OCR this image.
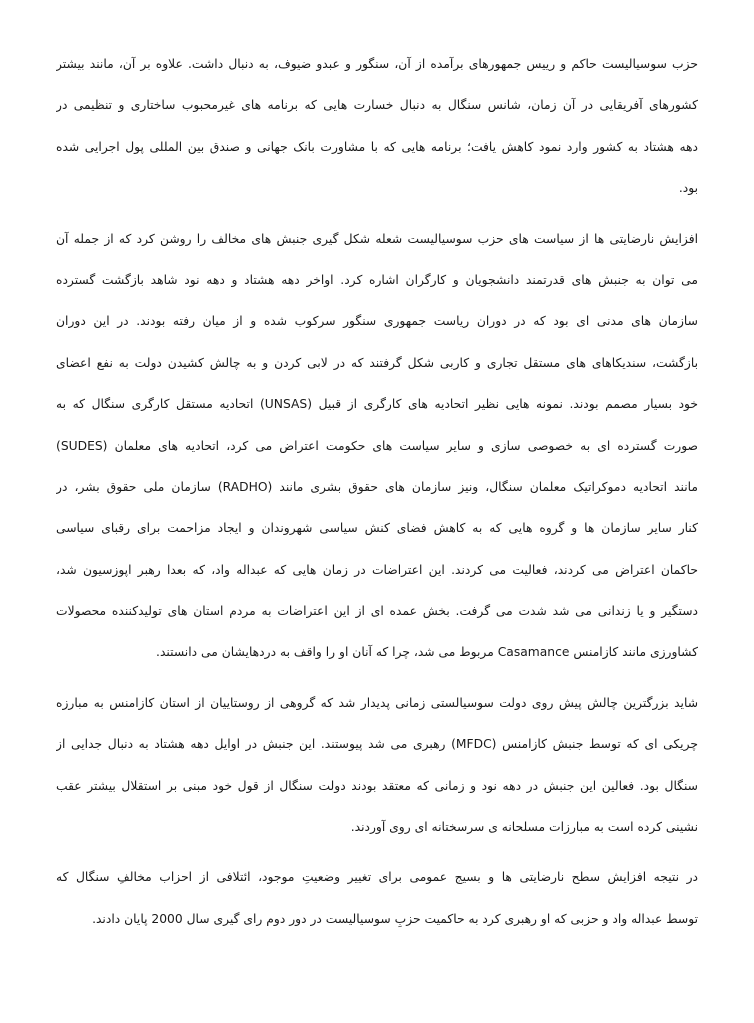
حزب سوسیالیست حاکم و رییس جمهورهای برآمده از آن، سنگور و عبدو ضیوف، به دنبال داشت. علاوه بر آن، مانند بیشتر
کشورهای آفریقایی در آن زمان، شانس سنگال به دنبال خسارت هایی که برنامه های غیرمحبوب ساختاری و تنظیمی در
دهه هشتاد به کشور وارد نمود کاهش یافت؛ برنامه هایی که با مشاورت بانک جهانی و صندق بین المللی پول اجرایی شده
بود.
افزایش نارضایتی ها از سیاست های حزب سوسیالیست شعله شکل گیری جنبش های مخالف را روشن کرد که از جمله آن
می توان به جنبش های قدرتمند دانشجویان و کارگران اشاره کرد. اواخر دهه هشتاد و دهه نود شاهد بازگشت گسترده
سازمان های مدنی ای بود که در دوران ریاست جمهوری سنگور سرکوب شده و از میان رفته بودند. در این دوران
بازگشت، سندیکاهای های مستقل تجاری و کاربی شکل گرفتند که در لابی کردن و به چالش کشیدن دولت به نفع اعضای
خود بسیار مصمم بودند. نمونه هایی نظیر اتحادیه های کارگری از قبیل (UNSAS) اتحادیه مستقل کارگری سنگال که به
صورت گسترده ای به خصوصی سازی و سایر سیاست های حکومت اعتراض می کرد، اتحادیه های معلمان (SUDES)
مانند اتحادیه دموکراتیک معلمان سنگال، ونیز سازمان های حقوق بشری مانند (RADHO) سازمان ملی حقوق بشر، در
کنار سایر سازمان ها و گروه هایی که به کاهش فضای کنش سیاسی شهروندان و ایجاد مزاحمت برای رقبای سیاسی
حاکمان اعتراض می کردند، فعالیت می کردند. این اعتراضات در زمان هایی که عبداله واد، که بعدا رهبر اپوزسیون شد،
دستگیر و یا زندانی می شد شدت می گرفت. بخش عمده ای از این اعتراضات به مردم استان های تولیدکننده محصولات
کشاورزی مانند کازامنس Casamance مربوط می شد، چرا که آنان او را واقف به دردهایشان می دانستند.
شاید بزرگترین چالش پیش روی دولت سوسیالستی زمانی پدیدار شد که گروهی از روستاییان از استان کازامنس به مبارزه
چریکی ای که توسط جنبش کازامنس (MFDC) رهبری می شد پیوستند. این جنبش در اوایل دهه هشتاد به دنبال جدایی از
سنگال بود. فعالین این جنبش در دهه نود و زمانی که معتقد بودند دولت سنگال از قول خود مبنی بر استقلال بیشتر عقب
نشینی کرده است به مبارزات مسلحانه ی سرسختانه ای روی آوردند.
در نتیجه افزایش سطح نارضایتی ها و بسیج عمومی برای تغییر وضعیتِ موجود، ائتلافی از احزاب مخالفِ سنگال که
توسط عبداله واد و حزبی که او رهبری کرد به حاکمیت حزبِ سوسیالیست در دور دوم رای گیری سال 2000 پایان دادند.
